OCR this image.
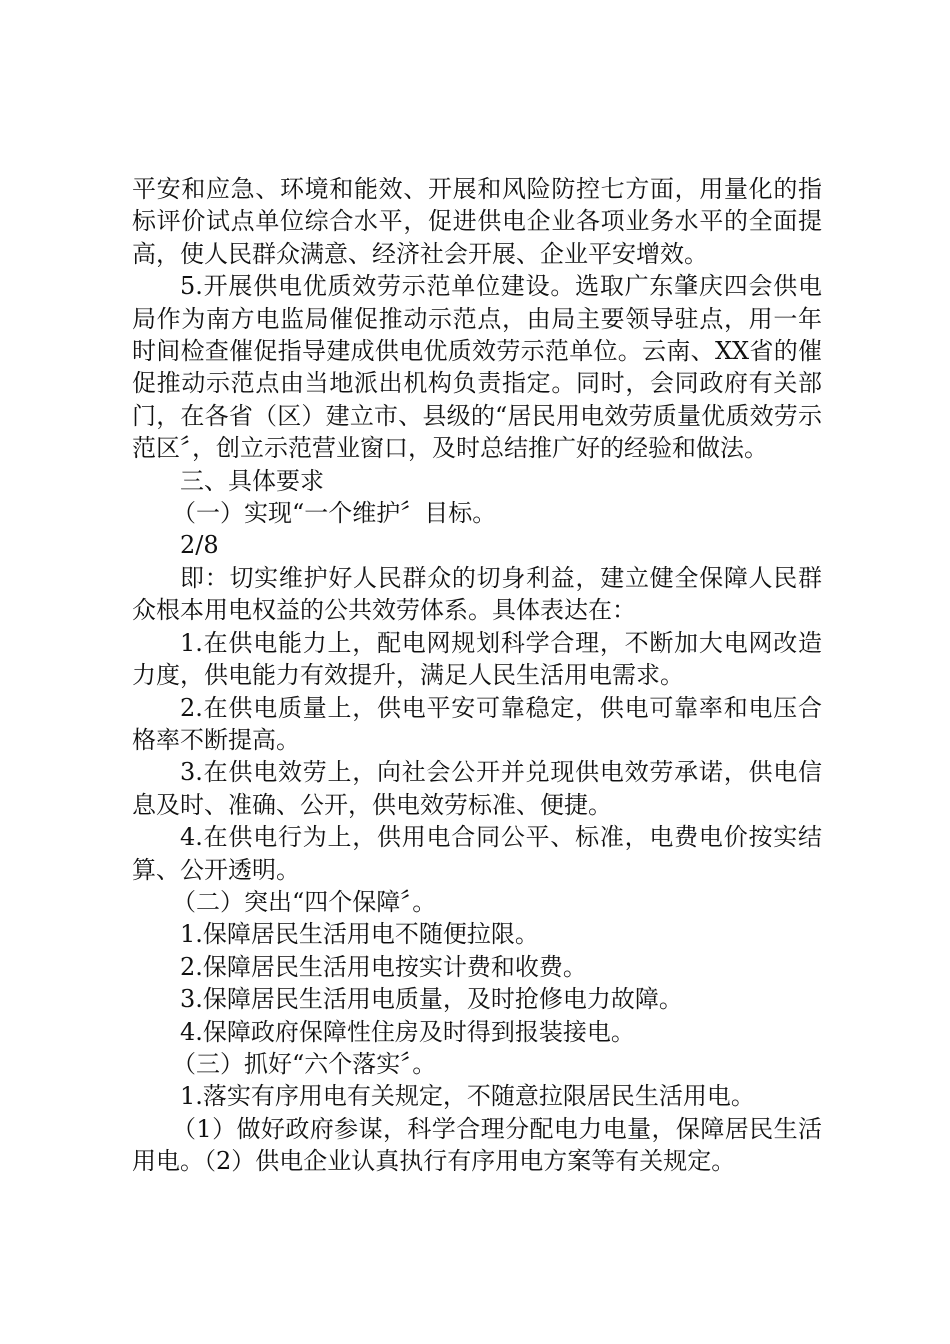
平安和应急、环境和能效、开展和风险防控七方面，用量化的指标评价试点单位综合水平，促进供电企业各项业务水平的全面提高，使人民群众满意、经济社会开展、企业平安增效。

5.开展供电优质效劳示范单位建设。选取广东肇庆四会供电局作为南方电监局催促推动示范点，由局主要领导驻点，用一年时间检查催促指导建成供电优质效劳示范单位。云南、XX省的催促推动示范点由当地派出机构负责指定。同时，会同政府有关部门，在各省（区）建立市、县级的“居民用电效劳质量优质效劳示范区〞，创立示范营业窗口，及时总结推广好的经验和做法。

三、具体要求

（一）实现“一个维护〞目标。

2/8

即：切实维护好人民群众的切身利益，建立健全保障人民群众根本用电权益的公共效劳体系。具体表达在：

1.在供电能力上，配电网规划科学合理，不断加大电网改造力度，供电能力有效提升，满足人民生活用电需求。

2.在供电质量上，供电平安可靠稳定，供电可靠率和电压合格率不断提高。

3.在供电效劳上，向社会公开并兑现供电效劳承诺，供电信息及时、准确、公开，供电效劳标准、便捷。

4.在供电行为上，供用电合同公平、标准，电费电价按实结算、公开透明。

（二）突出“四个保障〞。

1.保障居民生活用电不随便拉限。

2.保障居民生活用电按实计费和收费。

3.保障居民生活用电质量，及时抢修电力故障。

4.保障政府保障性住房及时得到报装接电。

（三）抓好“六个落实〞。

1.落实有序用电有关规定，不随意拉限居民生活用电。

（1）做好政府参谋，科学合理分配电力电量，保障居民生活用电。（2）供电企业认真执行有序用电方案等有关规定。
